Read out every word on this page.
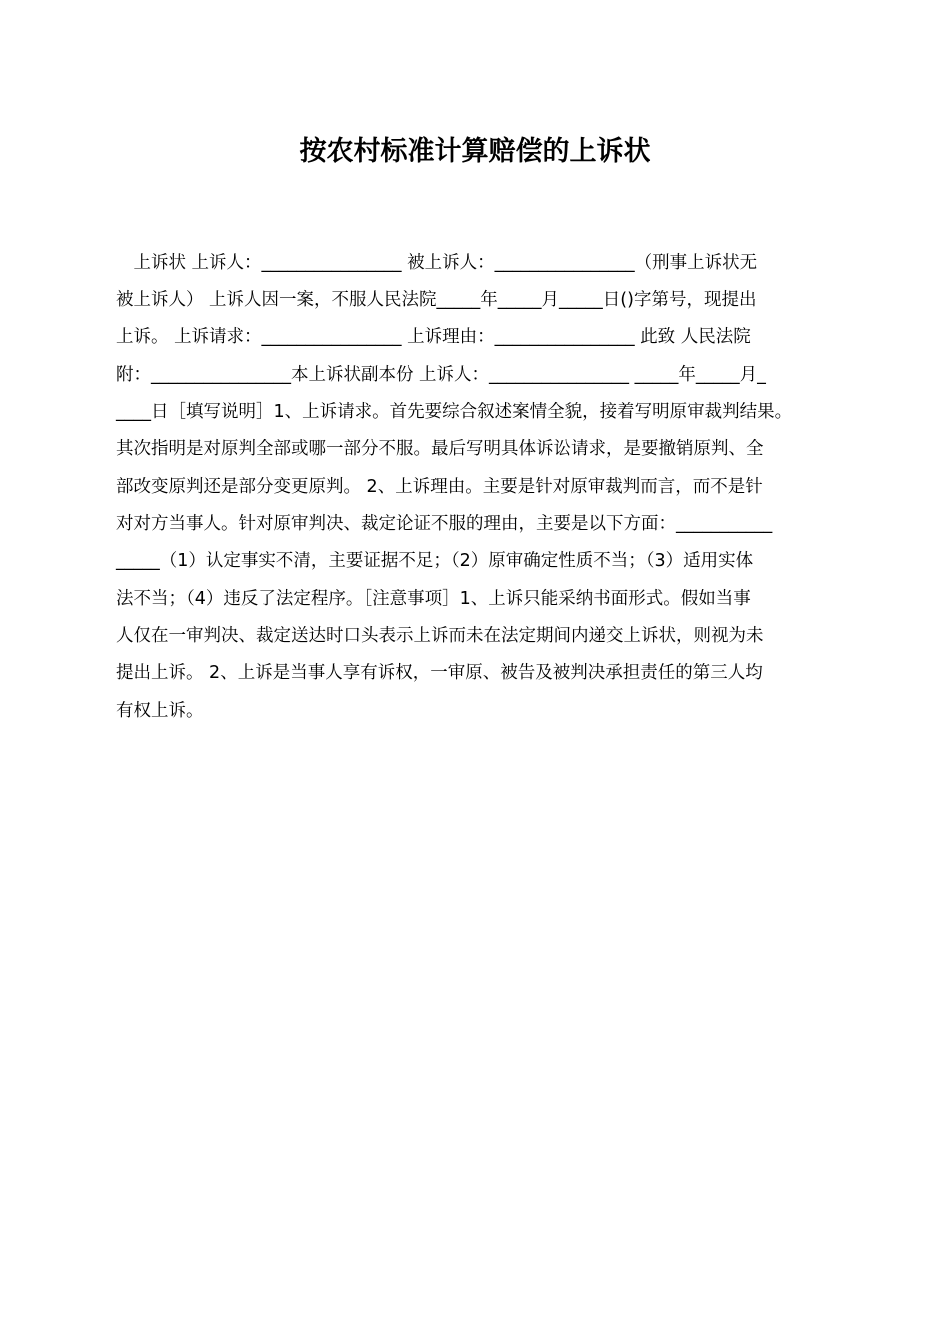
按农村标准计算赔偿的上诉状
　上诉状 上诉人：________________ 被上诉人：________________（刑事上诉状无
被上诉人） 上诉人因一案，不服人民法院_____年_____月_____日()字第号，现提出
上诉。 上诉请求：________________ 上诉理由：________________ 此致 人民法院
附：________________本上诉状副本份 上诉人：________________ _____年_____月_
____日［填写说明］1、上诉请求。首先要综合叙述案情全貌，接着写明原审裁判结果。
其次指明是对原判全部或哪一部分不服。最后写明具体诉讼请求，是要撤销原判、全
部改变原判还是部分变更原判。 2、上诉理由。主要是针对原审裁判而言，而不是针
对对方当事人。针对原审判决、裁定论证不服的理由，主要是以下方面：___________
_____（1）认定事实不清，主要证据不足；（2）原审确定性质不当；（3）适用实体
法不当；（4）违反了法定程序。［注意事项］1、上诉只能采纳书面形式。假如当事
人仅在一审判决、裁定送达时口头表示上诉而未在法定期间内递交上诉状，则视为未
提出上诉。 2、上诉是当事人享有诉权，一审原、被告及被判决承担责任的第三人均
有权上诉。
